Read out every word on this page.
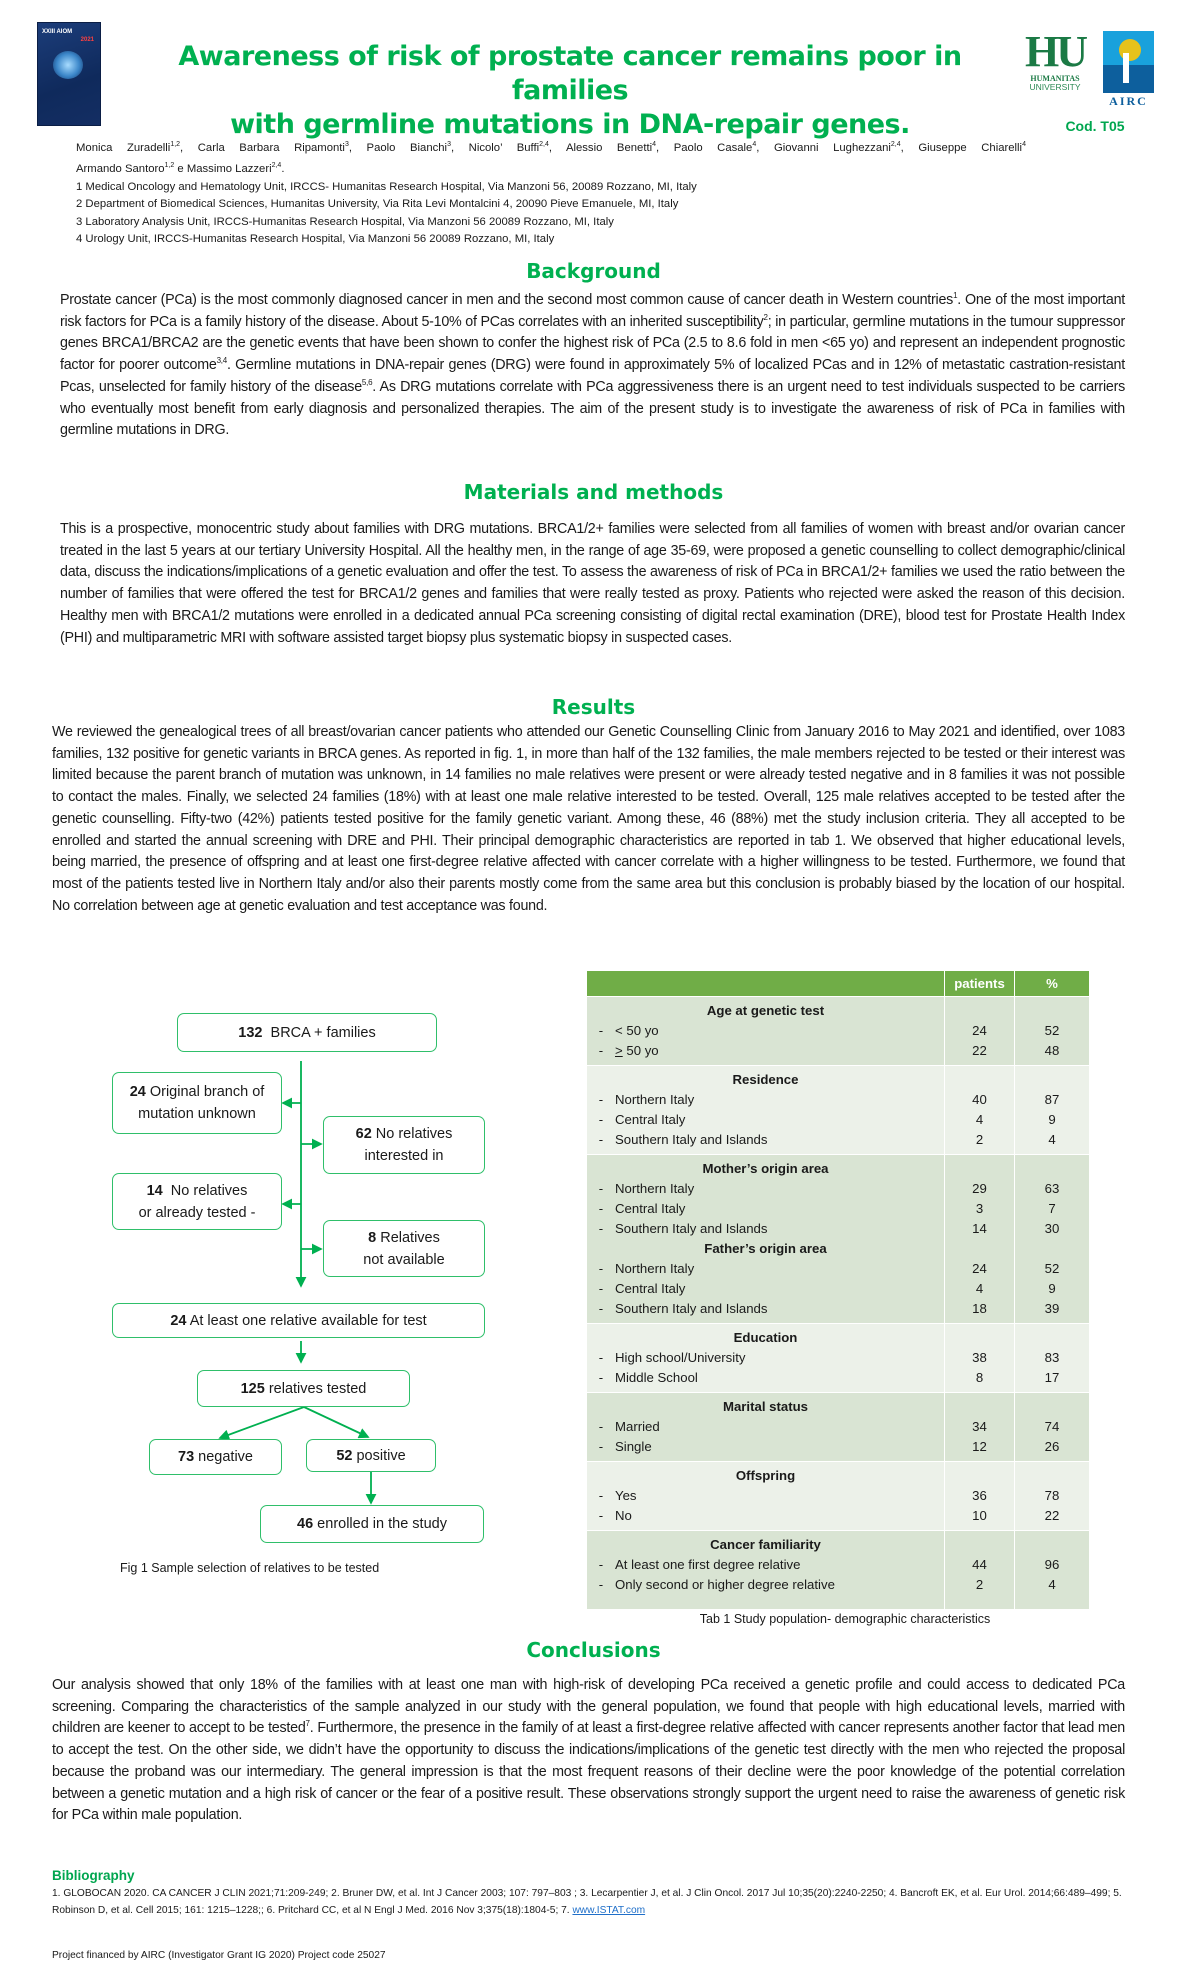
XXIII AIOM
2021
Awareness of risk of prostate cancer remains poor in families
with germline mutations in DNA-repair genes.
HU
HUMANITAS
UNIVERSITY
AIRC
Cod. T05
Monica Zuradelli$^{1,2}$, Carla Barbara Ripamonti$^3$, Paolo Bianchi$^3$, Nicolo’ Buffi$^{2,4}$, Alessio Benetti$^4$, Paolo Casale$^4$, Giovanni Lughezzani$^{2,4}$, Giuseppe Chiarelli$^4$
Armando Santoro$^{1,2}$ e Massimo Lazzeri$^{2,4}$.
1 Medical Oncology and Hematology Unit, IRCCS- Humanitas Research Hospital, Via Manzoni 56, 20089 Rozzano, MI, Italy
2 Department of Biomedical Sciences, Humanitas University, Via Rita Levi Montalcini 4, 20090 Pieve Emanuele, MI, Italy
3 Laboratory Analysis Unit, IRCCS-Humanitas Research Hospital, Via Manzoni 56 20089 Rozzano, MI, Italy
4 Urology Unit, IRCCS-Humanitas Research Hospital, Via Manzoni 56 20089 Rozzano, MI, Italy
Background
Prostate cancer (PCa) is the most commonly diagnosed cancer in men and the second most common cause of cancer death in Western countries$^1$. One of the most important risk factors for PCa is a family history of the disease. About 5-10% of PCas correlates with an inherited susceptibility$^2$; in particular, germline mutations in the tumour suppressor genes BRCA1/BRCA2 are the genetic events that have been shown to confer the highest risk of PCa (2.5 to 8.6 fold in men <65 yo) and represent an independent prognostic factor for poorer outcome$^{3,4}$. Germline mutations in DNA-repair genes (DRG) were found in approximately 5% of localized PCas and in 12% of metastatic castration-resistant Pcas, unselected for family history of the disease$^{5,6}$. As DRG mutations correlate with PCa aggressiveness there is an urgent need to test individuals suspected to be carriers who eventually most benefit from early diagnosis and personalized therapies. The aim of the present study is to investigate the awareness of risk of PCa in families with germline mutations in DRG.
Materials and methods
This is a prospective, monocentric study about families with DRG mutations. BRCA1/2+ families were selected from all families of women with breast and/or ovarian cancer treated in the last 5 years at our tertiary University Hospital. All the healthy men, in the range of age 35-69, were proposed a genetic counselling to collect demographic/clinical data, discuss the indications/implications of a genetic evaluation and offer the test. To assess the awareness of risk of PCa in BRCA1/2+ families we used the ratio between the number of families that were offered the test for BRCA1/2 genes and families that were really tested as proxy. Patients who rejected were asked the reason of this decision. Healthy men with BRCA1/2 mutations were enrolled in a dedicated annual PCa screening consisting of digital rectal examination (DRE), blood test for Prostate Health Index (PHI) and multiparametric MRI with software assisted target biopsy plus systematic biopsy in suspected cases.
Results
We reviewed the genealogical trees of all breast/ovarian cancer patients who attended our Genetic Counselling Clinic from January 2016 to May 2021 and identified, over 1083 families, 132 positive for genetic variants in BRCA genes. As reported in fig. 1, in more than half of the 132 families, the male members rejected to be tested or their interest was limited because the parent branch of mutation was unknown, in 14 families no male relatives were present or were already tested negative and in 8 families it was not possible to contact the males. Finally, we selected 24 families (18%) with at least one male relative interested to be tested. Overall, 125 male relatives accepted to be tested after the genetic counselling. Fifty-two (42%) patients tested positive for the family genetic variant. Among these, 46 (88%) met the study inclusion criteria. They all accepted to be enrolled and started the annual screening with DRE and PHI. Their principal demographic characteristics are reported in tab 1. We observed that higher educational levels, being married, the presence of offspring and at least one first-degree relative affected with cancer correlate with a higher willingness to be tested. Furthermore, we found that most of the patients tested live in Northern Italy and/or also their parents mostly come from the same area but this conclusion is probably biased by the location of our hospital. No correlation between age at genetic evaluation and test acceptance was found.
132  BRCA + families
24 Original branch of
mutation unknown
62 No relatives
interested in
14  No relatives
or already tested -
8 Relatives
not available
24 At least one relative available for test
125 relatives tested
73 negative	52 positive
46 enrolled in the study
Fig 1 Sample selection of relatives to be tested
patients	%
Age at genetic test
- < 50 yo
- > 50 yo
24
22
52
48
Residence
- Northern Italy
- Central Italy
- Southern Italy and Islands
40
4
2
87
9
4
Mother’s origin area
- Northern Italy
- Central Italy
- Southern Italy and Islands
Father’s origin area
- Northern Italy
- Central Italy
- Southern Italy and Islands
29
3
14
24
4
18
63
7
30
52
9
39
Education
- High school/University
- Middle School
38
8
83
17
Marital status
- Married
- Single
34
12
74
26
Offspring
- Yes
- No
36
10
78
22
Cancer familiarity
- At least one first degree relative
- Only second or higher degree relative
44
2
96
4
Tab 1 Study population- demographic characteristics
Conclusions
Our analysis showed that only 18% of the families with at least one man with high-risk of developing PCa received a genetic profile and could access to dedicated PCa screening. Comparing the characteristics of the sample analyzed in our study with the general population, we found that people with high educational levels, married with children are keener to accept to be tested$^7$. Furthermore, the presence in the family of at least a first-degree relative affected with cancer represents another factor that lead men to accept the test. On the other side, we didn’t have the opportunity to discuss the indications/implications of the genetic test directly with the men who rejected the proposal because the proband was our intermediary. The general impression is that the most frequent reasons of their decline were the poor knowledge of the potential correlation between a genetic mutation and a high risk of cancer or the fear of a positive result. These observations strongly support the urgent need to raise the awareness of genetic risk for PCa within male population.
Bibliography
1. GLOBOCAN 2020. CA CANCER J CLIN 2021;71:209-249; 2. Bruner DW, et al. Int J Cancer 2003; 107: 797–803 ; 3. Lecarpentier J, et al. J Clin Oncol. 2017 Jul 10;35(20):2240-2250; 4. Bancroft EK, et al. Eur Urol. 2014;66:489–499; 5. Robinson D, et al. Cell 2015; 161: 1215–1228;; 6. Pritchard CC, et al N Engl J Med. 2016 Nov 3;375(18):1804-5; 7. www.ISTAT.com
Project financed by AIRC (Investigator Grant IG 2020) Project code 25027
